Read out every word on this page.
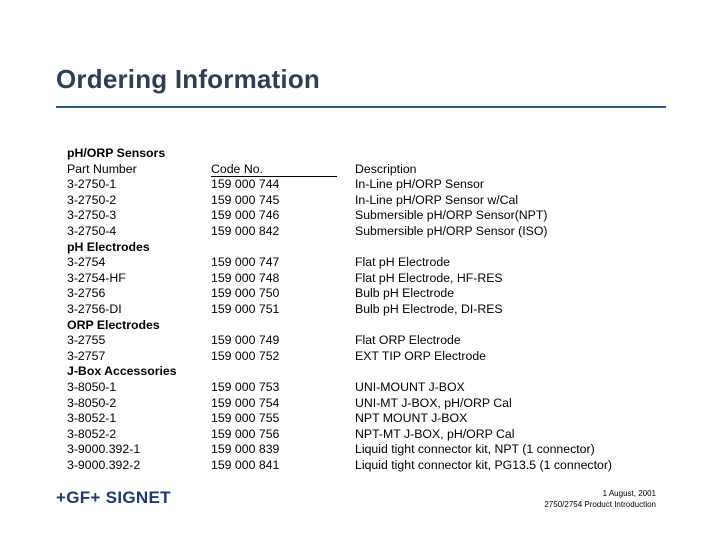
Ordering Information
pH/ORP Sensors
Part Number
3-2750-1
3-2750-2
3-2750-3
3-2750-4
pH Electrodes
3-2754
3-2754-HF
3-2756
3-2756-DI
ORP Electrodes
3-2755
3-2757
J-Box Accessories
3-8050-1
3-8050-2
3-8052-1
3-8052-2
3-9000.392-1
3-9000.392-2
Code No.
159 000 744
159 000 745
159 000 746
159 000 842
159 000 747
159 000 748
159 000 750
159 000 751
159 000 749
159 000 752
159 000 753
159 000 754
159 000 755
159 000 756
159 000 839
159 000 841
Description
In-Line pH/ORP Sensor
In-Line pH/ORP Sensor w/Cal
Submersible pH/ORP Sensor(NPT)
Submersible pH/ORP Sensor (ISO)
Flat pH Electrode
Flat pH Electrode, HF-RES
Bulb pH Electrode
Bulb pH Electrode, DI-RES
Flat ORP Electrode
EXT TIP ORP Electrode
UNI-MOUNT J-BOX
UNI-MT J-BOX, pH/ORP Cal
NPT MOUNT J-BOX
NPT-MT J-BOX, pH/ORP Cal
Liquid tight connector kit, NPT (1 connector)
Liquid tight connector kit, PG13.5 (1 connector)
+GF+ SIGNET	1 August, 2001
2750/2754 Product Introduction
